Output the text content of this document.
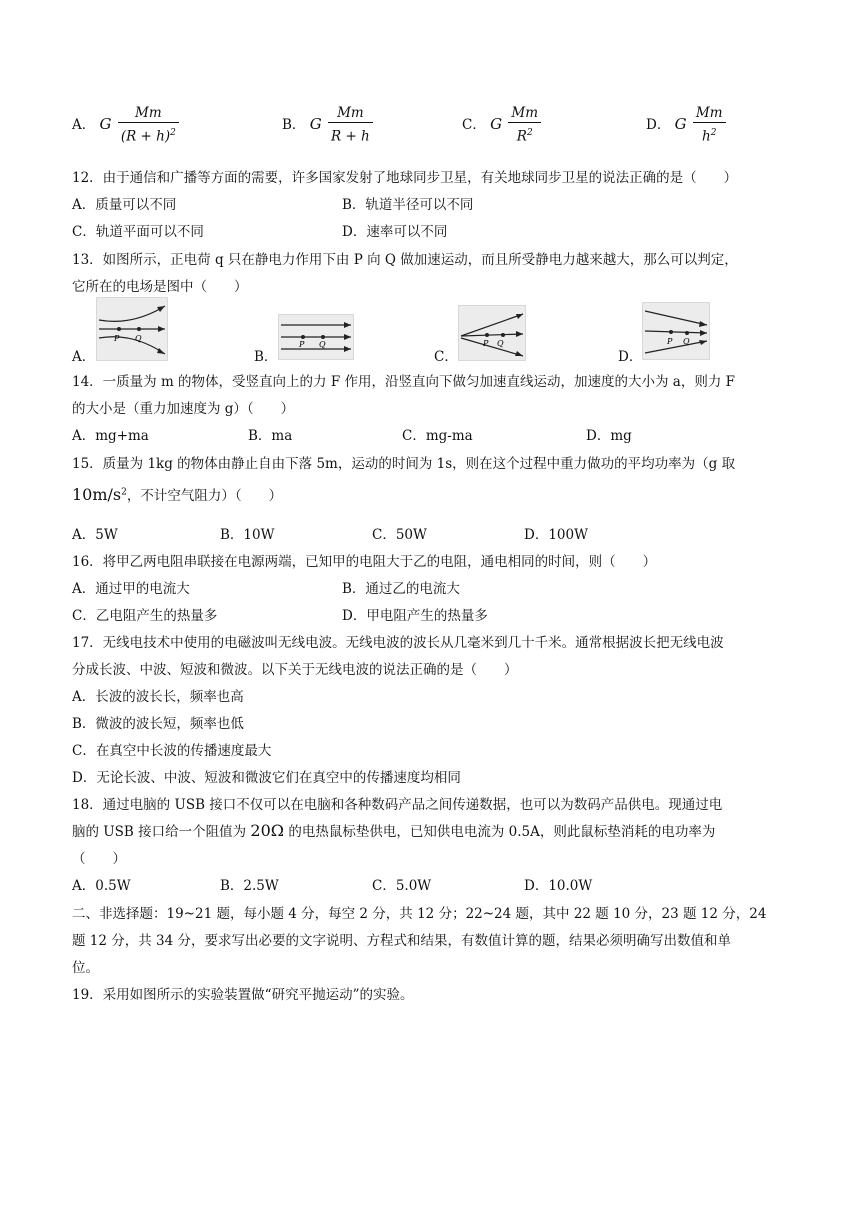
A． G $\frac{Mm}{(R + h)^2}$	B． G $\frac{Mm}{R + h}$	C． G $\frac{Mm}{R^2}$	D． G $\frac{Mm}{h^2}$
12．由于通信和广播等方面的需要，许多国家发射了地球同步卫星，有关地球同步卫星的说法正确的是（　　）
A．质量可以不同	B．轨道半径可以不同
C．轨道平面可以不同	D．速率可以不同
13．如图所示，正电荷 q 只在静电力作用下由 P 向 Q 做加速运动，而且所受静电力越来越大，那么可以判定，
它所在的电场是图中（　　）
A．
P Q
B．
P Q
C．
P Q
D．
P Q
14．一质量为 m 的物体，受竖直向上的力 F 作用，沿竖直向下做匀加速直线运动，加速度的大小为 a，则力 F
的大小是（重力加速度为 g）（　　）
A．mg+ma	B．ma	C．mg-ma	D．mg
15．质量为 1kg 的物体由静止自由下落 5m，运动的时间为 1s，则在这个过程中重力做功的平均功率为（g 取
$10m/s^2$，不计空气阻力）（　　）
A．5W	B．10W	C．50W	D．100W
16．将甲乙两电阻串联接在电源两端，已知甲的电阻大于乙的电阻，通电相同的时间，则（　　）
A．通过甲的电流大	B．通过乙的电流大
C．乙电阻产生的热量多	D．甲电阻产生的热量多
17．无线电技术中使用的电磁波叫无线电波。无线电波的波长从几毫米到几十千米。通常根据波长把无线电波
分成长波、中波、短波和微波。以下关于无线电波的说法正确的是（　　）
A．长波的波长长，频率也高
B．微波的波长短，频率也低
C．在真空中长波的传播速度最大
D．无论长波、中波、短波和微波它们在真空中的传播速度均相同
18．通过电脑的 USB 接口不仅可以在电脑和各种数码产品之间传递数据，也可以为数码产品供电。现通过电
脑的 USB 接口给一个阻值为 20Ω 的电热鼠标垫供电，已知供电电流为 0.5A，则此鼠标垫消耗的电功率为
（　　）
A．0.5W	B．2.5W	C．5.0W	D．10.0W
二、非选择题：19~21 题，每小题 4 分，每空 2 分，共 12 分；22~24 题，其中 22 题 10 分，23 题 12 分，24
题 12 分，共 34 分，要求写出必要的文字说明、方程式和结果，有数值计算的题，结果必须明确写出数值和单
位。
19．采用如图所示的实验装置做“研究平抛运动”的实验。
